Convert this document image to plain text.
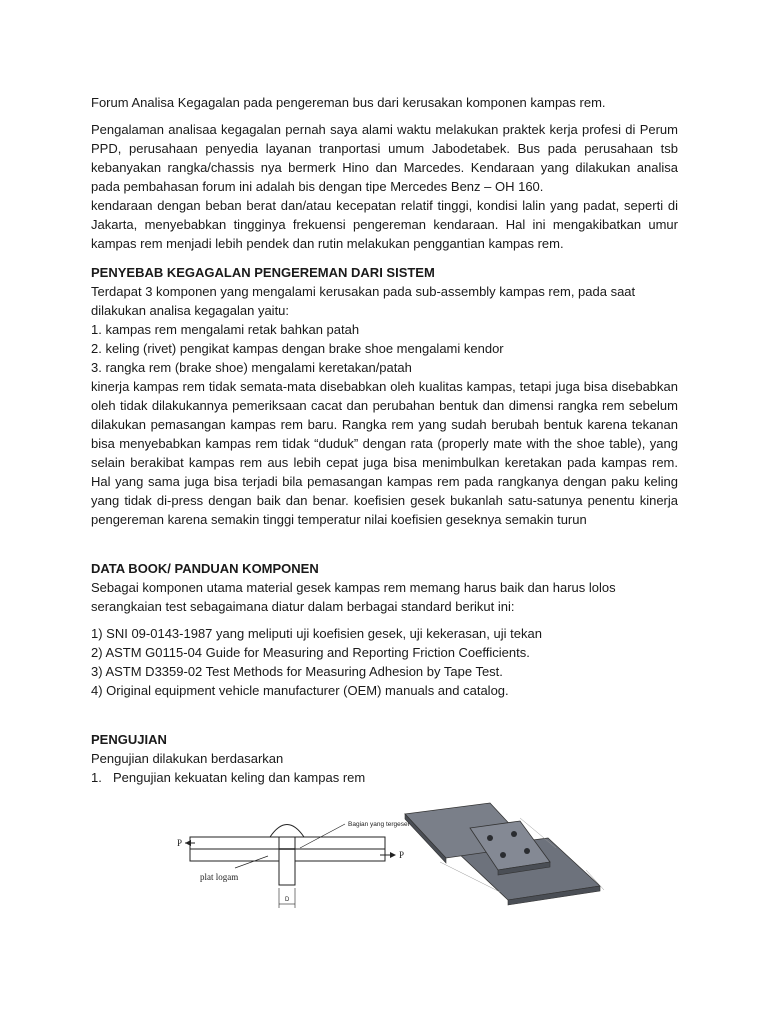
Forum Analisa Kegagalan pada pengereman bus dari kerusakan komponen kampas rem.

Pengalaman analisaa kegagalan pernah saya alami waktu melakukan praktek kerja profesi di Perum PPD, perusahaan penyedia layanan tranportasi umum Jabodetabek. Bus pada perusahaan tsb kebanyakan rangka/chassis nya bermerk Hino dan Marcedes. Kendaraan yang dilakukan analisa pada pembahasan forum ini adalah bis dengan tipe Mercedes Benz – OH 160.

kendaraan dengan beban berat dan/atau kecepatan relatif tinggi, kondisi lalin yang padat, seperti di Jakarta, menyebabkan tingginya frekuensi pengereman kendaraan. Hal ini mengakibatkan umur kampas rem menjadi lebih pendek dan rutin melakukan penggantian kampas rem.

PENYEBAB KEGAGALAN PENGEREMAN DARI SISTEM

Terdapat 3 komponen yang mengalami kerusakan pada sub-assembly kampas rem, pada saat dilakukan analisa kegagalan yaitu:

1. kampas rem mengalami retak bahkan patah

2. keling (rivet) pengikat kampas dengan brake shoe mengalami kendor

3. rangka rem (brake shoe) mengalami keretakan/patah

kinerja kampas rem tidak semata-mata disebabkan oleh kualitas kampas, tetapi juga bisa disebabkan oleh tidak dilakukannya pemeriksaan cacat dan perubahan bentuk dan dimensi rangka rem sebelum dilakukan pemasangan kampas rem baru. Rangka rem yang sudah berubah bentuk karena tekanan bisa menyebabkan kampas rem tidak “duduk” dengan rata (properly mate with the shoe table), yang selain berakibat kampas rem aus lebih cepat juga bisa menimbulkan keretakan pada kampas rem. Hal yang sama juga bisa terjadi bila pemasangan kampas rem pada rangkanya dengan paku keling yang tidak di-press dengan baik dan benar. koefisien gesek bukanlah satu-satunya penentu kinerja pengereman karena semakin tinggi temperatur nilai koefisien geseknya semakin turun

DATA BOOK/ PANDUAN KOMPONEN

Sebagai komponen utama material gesek kampas rem memang harus baik dan harus lolos serangkaian test sebagaimana diatur dalam berbagai standard berikut ini:

1) SNI 09-0143-1987 yang meliputi uji koefisien gesek, uji kekerasan, uji tekan

2) ASTM G0115-04 Guide for Measuring and Reporting Friction Coefficients.

3) ASTM D3359-02 Test Methods for Measuring Adhesion by Tape Test.

4) Original equipment vehicle manufacturer (OEM) manuals and catalog.

PENGUJIAN

Pengujian dilakukan berdasarkan

1. Pengujian kekuatan keling dan kampas rem
P
P
Bagian yang tergeser
plat logam
D
